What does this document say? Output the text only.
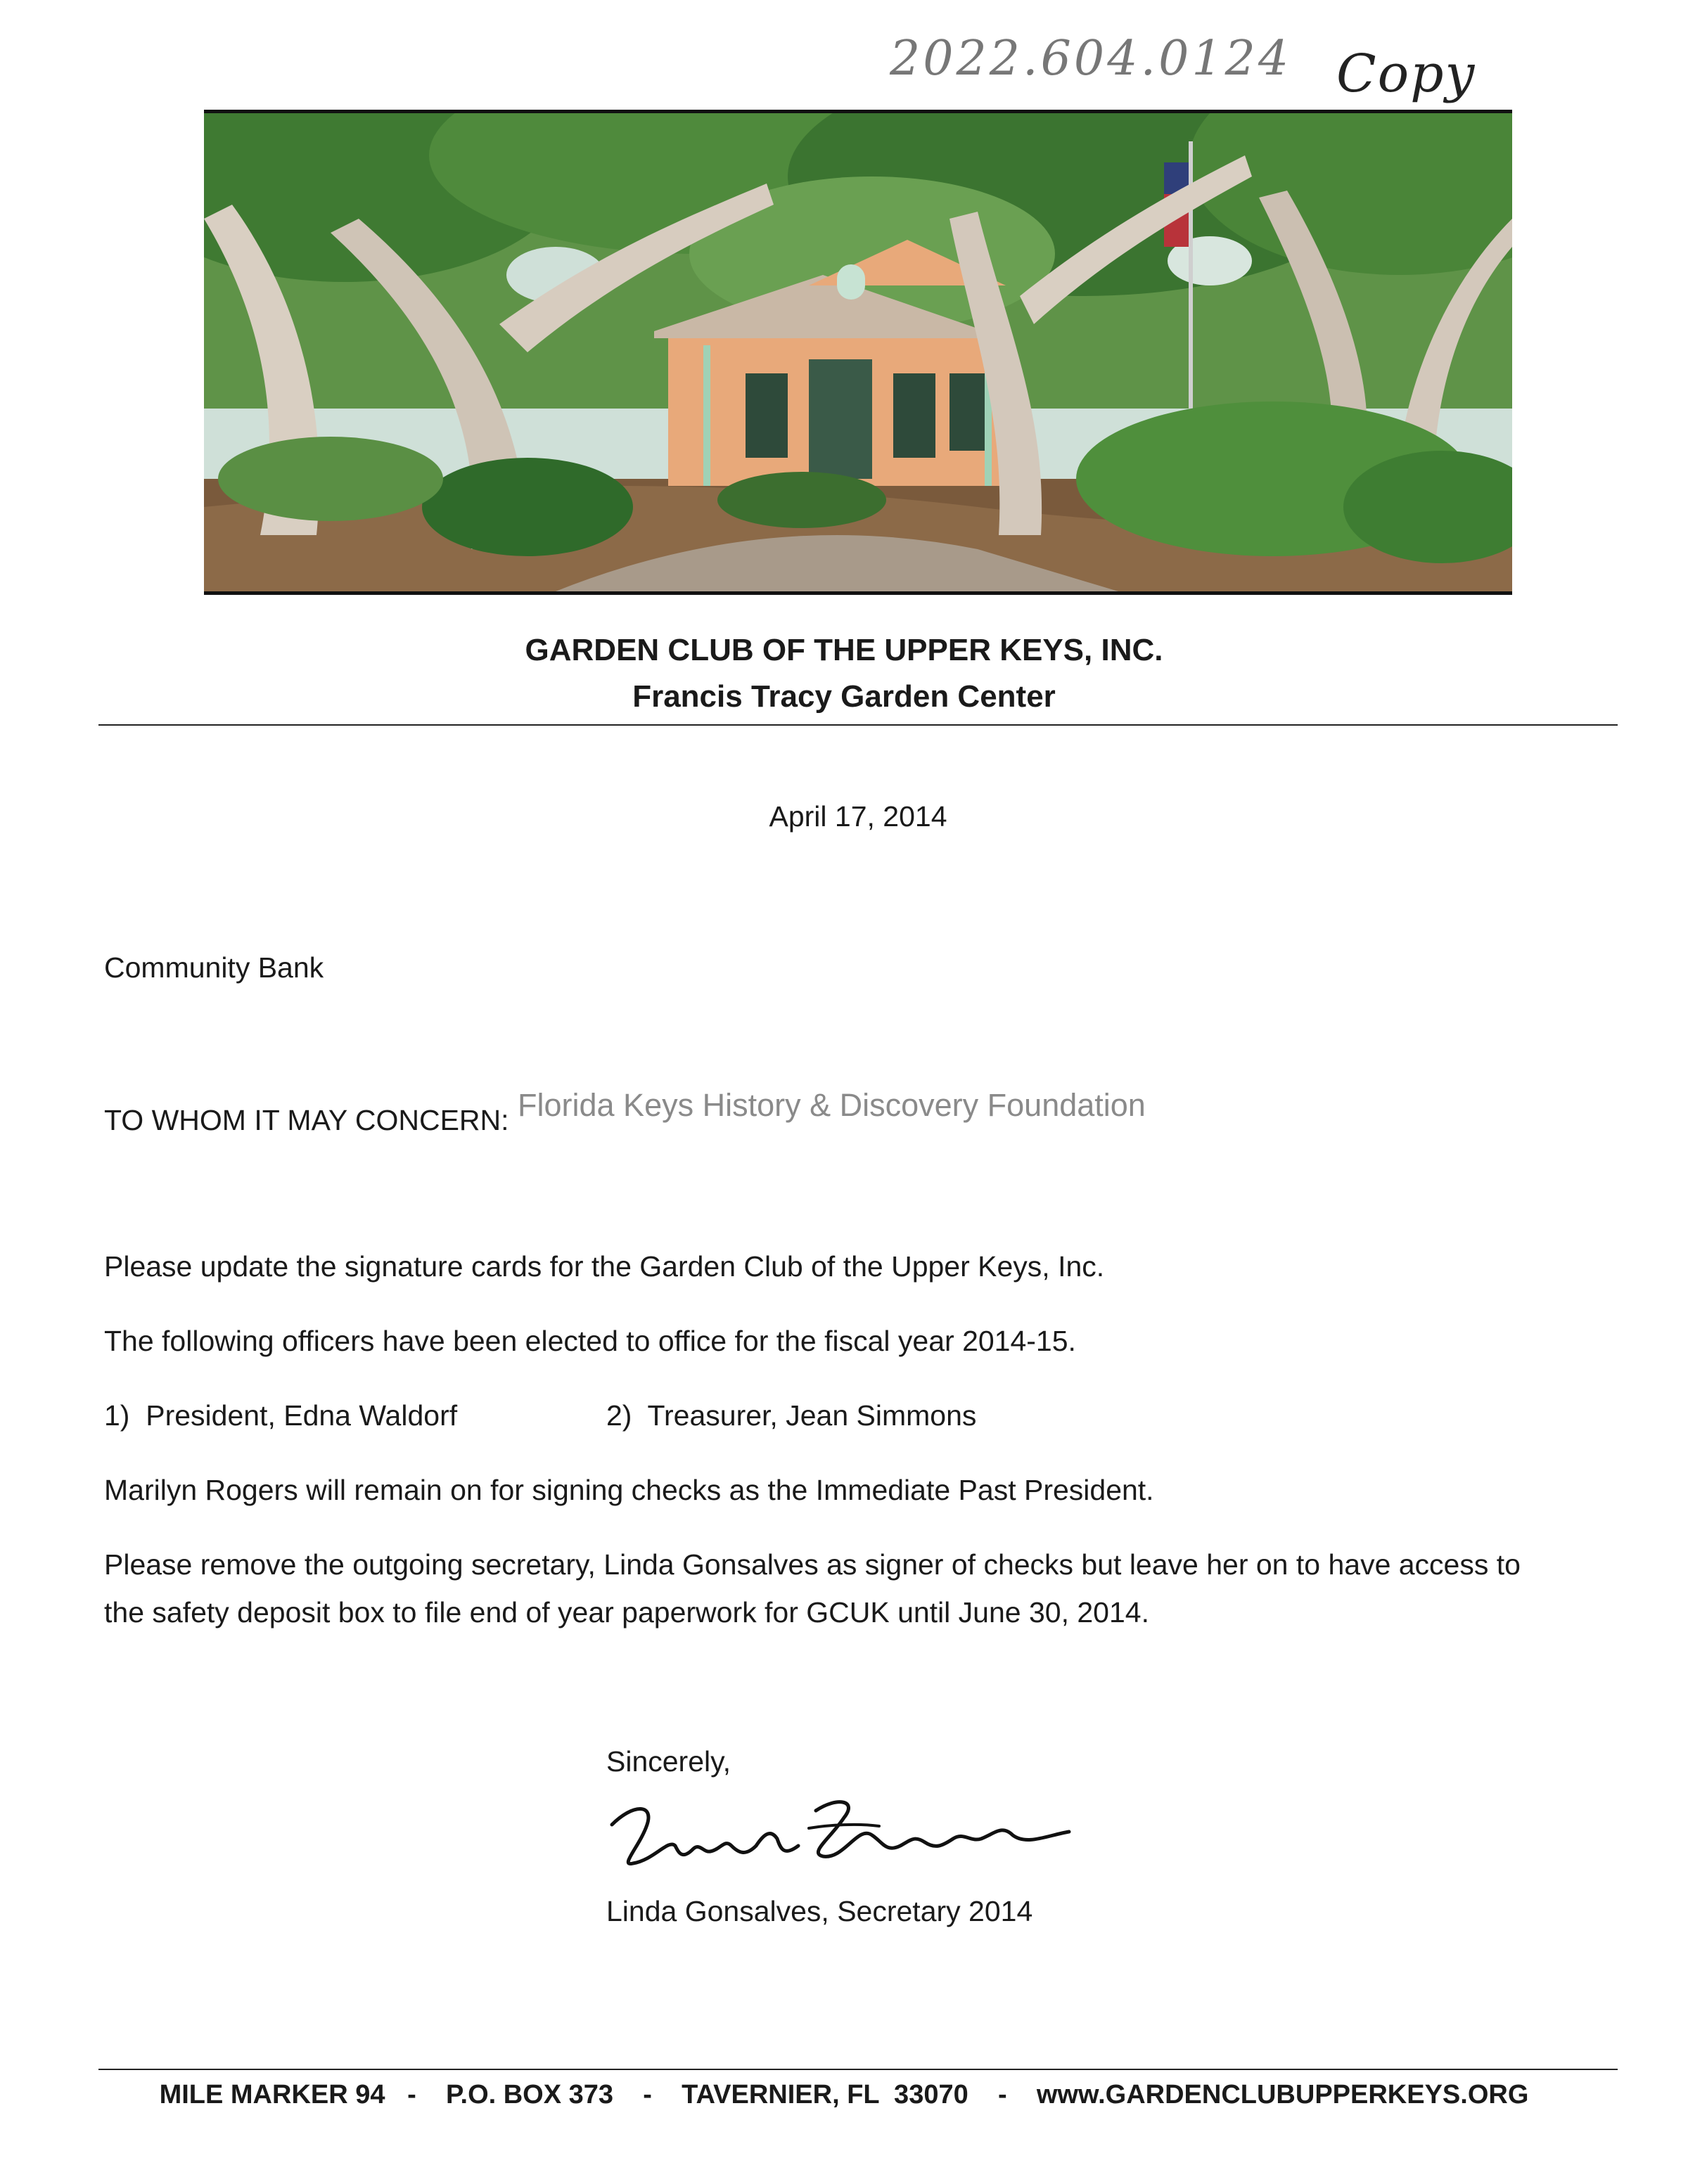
2022.604.0124 Copy
GARDEN CLUB OF THE UPPER KEYS, INC.
Francis Tracy Garden Center
April 17, 2014
Community Bank
TO WHOM IT MAY CONCERN: Florida Keys History & Discovery Foundation
Please update the signature cards for the Garden Club of the Upper Keys, Inc.
The following officers have been elected to office for the fiscal year 2014-15.
1)  President, Edna Waldorf	2)  Treasurer, Jean Simmons
Marilyn Rogers will remain on for signing checks as the Immediate Past President.
Please remove the outgoing secretary, Linda Gonsalves as signer of checks but leave her on to have access to
the safety deposit box to file end of year paperwork for GCUK until June 30, 2014.
Sincerely,
Linda Gonsalves, Secretary 2014
MILE MARKER 94   -    P.O. BOX 373    -    TAVERNIER, FL  33070    -    www.GARDENCLUBUPPERKEYS.ORG
